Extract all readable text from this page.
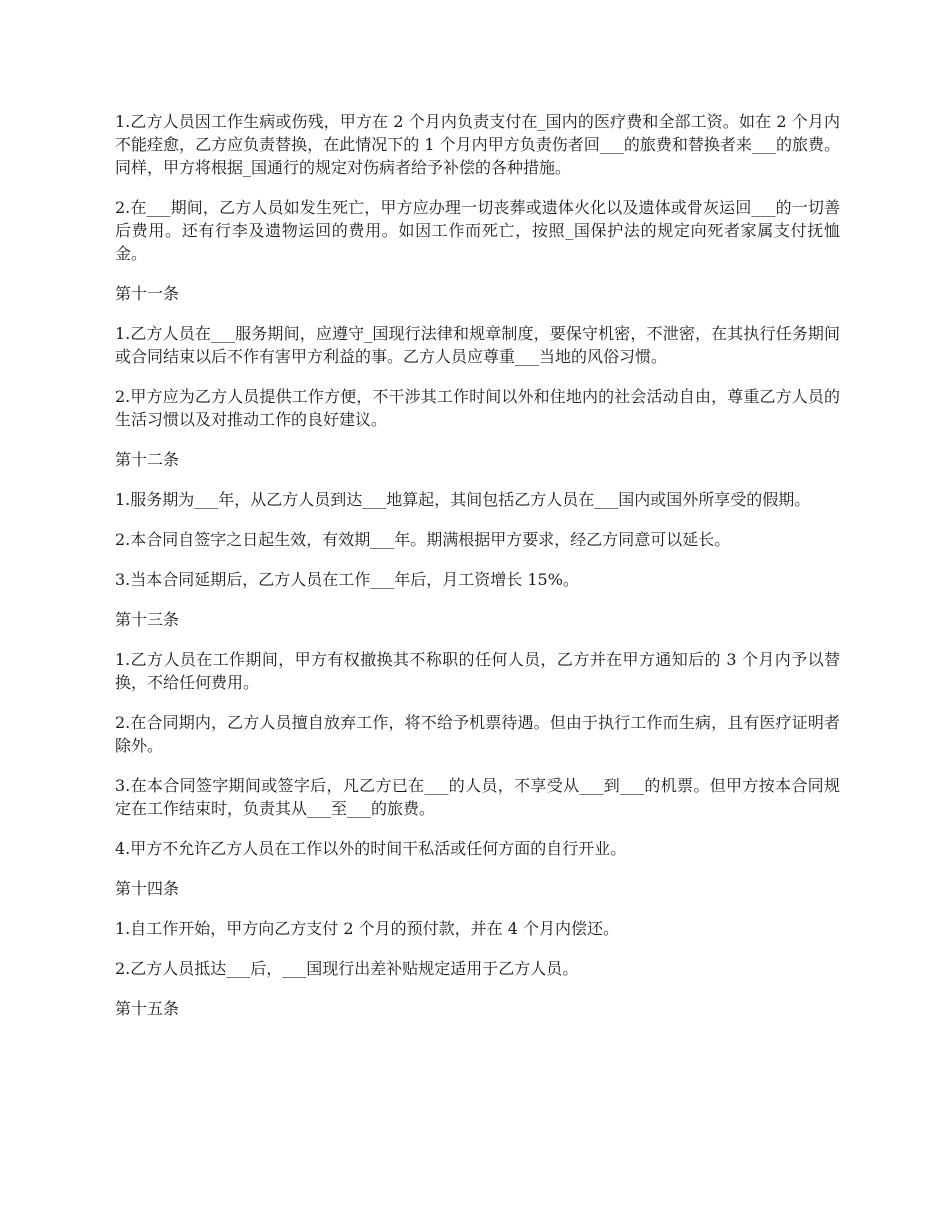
1.乙方人员因工作生病或伤残，甲方在 2 个月内负责支付在_国内的医疗费和全部工资。如在 2 个月内不能痊愈，乙方应负责替换，在此情况下的 1 个月内甲方负责伤者回___的旅费和替换者来___的旅费。同样，甲方将根据_国通行的规定对伤病者给予补偿的各种措施。

2.在___期间，乙方人员如发生死亡，甲方应办理一切丧葬或遗体火化以及遗体或骨灰运回___的一切善后费用。还有行李及遗物运回的费用。如因工作而死亡，按照_国保护法的规定向死者家属支付抚恤金。

第十一条

1.乙方人员在___服务期间，应遵守_国现行法律和规章制度，要保守机密，不泄密，在其执行任务期间或合同结束以后不作有害甲方利益的事。乙方人员应尊重___当地的风俗习惯。

2.甲方应为乙方人员提供工作方便，不干涉其工作时间以外和住地内的社会活动自由，尊重乙方人员的生活习惯以及对推动工作的良好建议。

第十二条

1.服务期为___年，从乙方人员到达___地算起，其间包括乙方人员在___国内或国外所享受的假期。

2.本合同自签字之日起生效，有效期___年。期满根据甲方要求，经乙方同意可以延长。

3.当本合同延期后，乙方人员在工作___年后，月工资增长 15%。

第十三条

1.乙方人员在工作期间，甲方有权撤换其不称职的任何人员，乙方并在甲方通知后的 3 个月内予以替换，不给任何费用。

2.在合同期内，乙方人员擅自放弃工作，将不给予机票待遇。但由于执行工作而生病，且有医疗证明者除外。

3.在本合同签字期间或签字后，凡乙方已在___的人员，不享受从___到___的机票。但甲方按本合同规定在工作结束时，负责其从___至___的旅费。

4.甲方不允许乙方人员在工作以外的时间干私活或任何方面的自行开业。

第十四条

1.自工作开始，甲方向乙方支付 2 个月的预付款，并在 4 个月内偿还。

2.乙方人员抵达___后，___国现行出差补贴规定适用于乙方人员。

第十五条
